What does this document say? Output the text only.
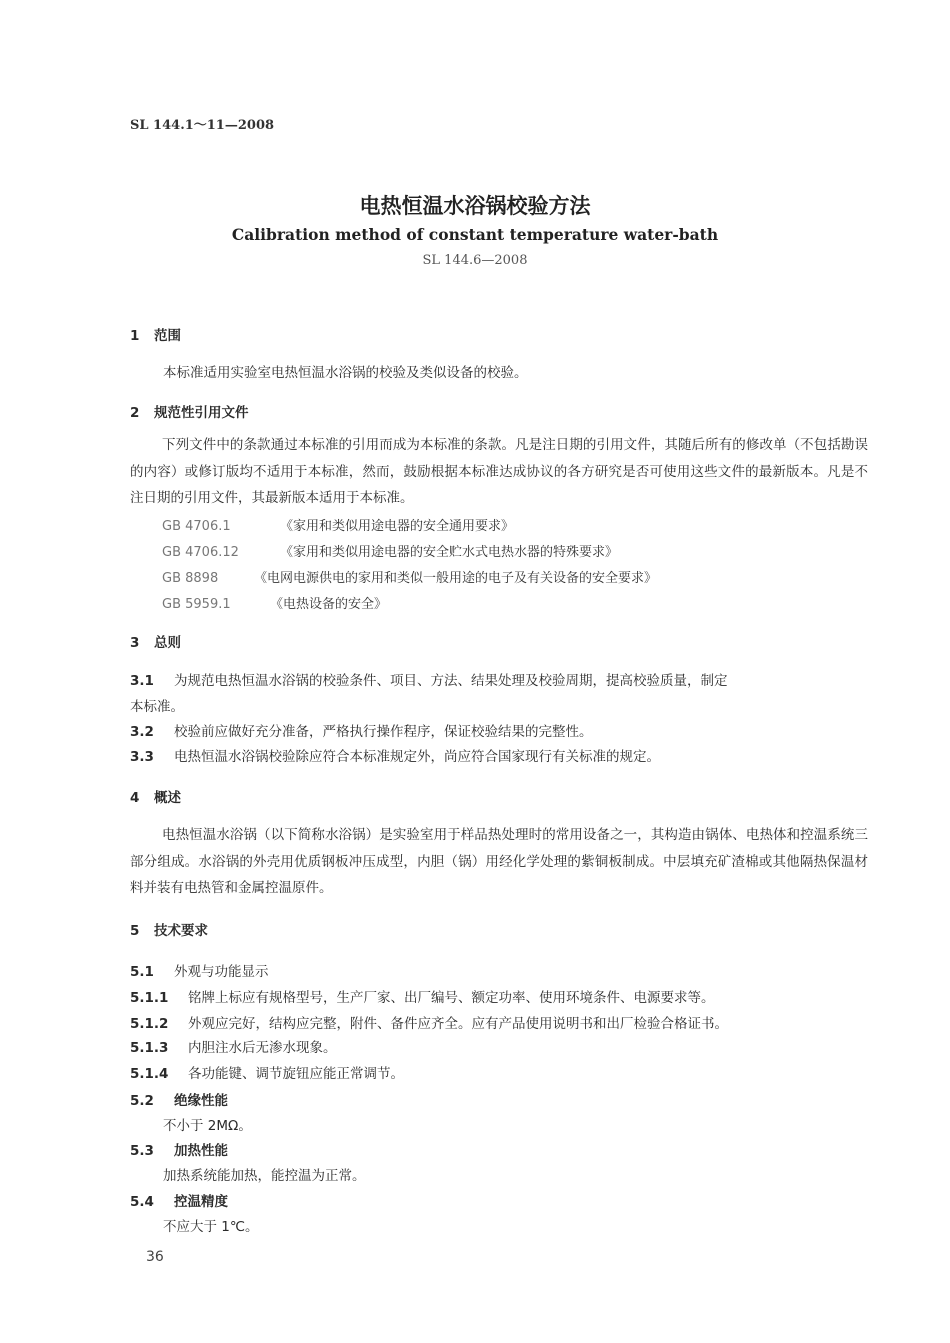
SL 144.1～11—2008
电热恒温水浴锅校验方法
Calibration method of constant temperature water-bath
SL 144.6—2008
1 范围
本标准适用实验室电热恒温水浴锅的校验及类似设备的校验。
2 规范性引用文件

下列文件中的条款通过本标准的引用而成为本标准的条款。凡是注日期的引用文件，其随后所有的修改单（不包括勘误的内容）或修订版均不适用于本标准，然而，鼓励根据本标准达成协议的各方研究是否可使用这些文件的最新版本。凡是不注日期的引用文件，其最新版本适用于本标准。

GB 4706.1	《家用和类似用途电器的安全通用要求》
GB 4706.12	《家用和类似用途电器的安全贮水式电热水器的特殊要求》
GB 8898	《电网电源供电的家用和类似一般用途的电子及有关设备的安全要求》
GB 5959.1	《电热设备的安全》
3 总则
3.1 为规范电热恒温水浴锅的校验条件、项目、方法、结果处理及校验周期，提高校验质量，制定
本标准。
3.2 校验前应做好充分准备，严格执行操作程序，保证校验结果的完整性。
3.3 电热恒温水浴锅校验除应符合本标准规定外，尚应符合国家现行有关标准的规定。
4 概述

电热恒温水浴锅（以下简称水浴锅）是实验室用于样品热处理时的常用设备之一，其构造由锅体、电热体和控温系统三部分组成。水浴锅的外壳用优质钢板冲压成型，内胆（锅）用经化学处理的紫铜板制成。中层填充矿渣棉或其他隔热保温材料并装有电热管和金属控温原件。

5 技术要求
5.1 外观与功能显示
5.1.1 铭牌上标应有规格型号，生产厂家、出厂编号、额定功率、使用环境条件、电源要求等。
5.1.2 外观应完好，结构应完整，附件、备件应齐全。应有产品使用说明书和出厂检验合格证书。
5.1.3 内胆注水后无渗水现象。
5.1.4 各功能键、调节旋钮应能正常调节。
5.2 绝缘性能
不小于 2MΩ。
5.3 加热性能
加热系统能加热，能控温为正常。
5.4 控温精度
不应大于 1℃。
36
